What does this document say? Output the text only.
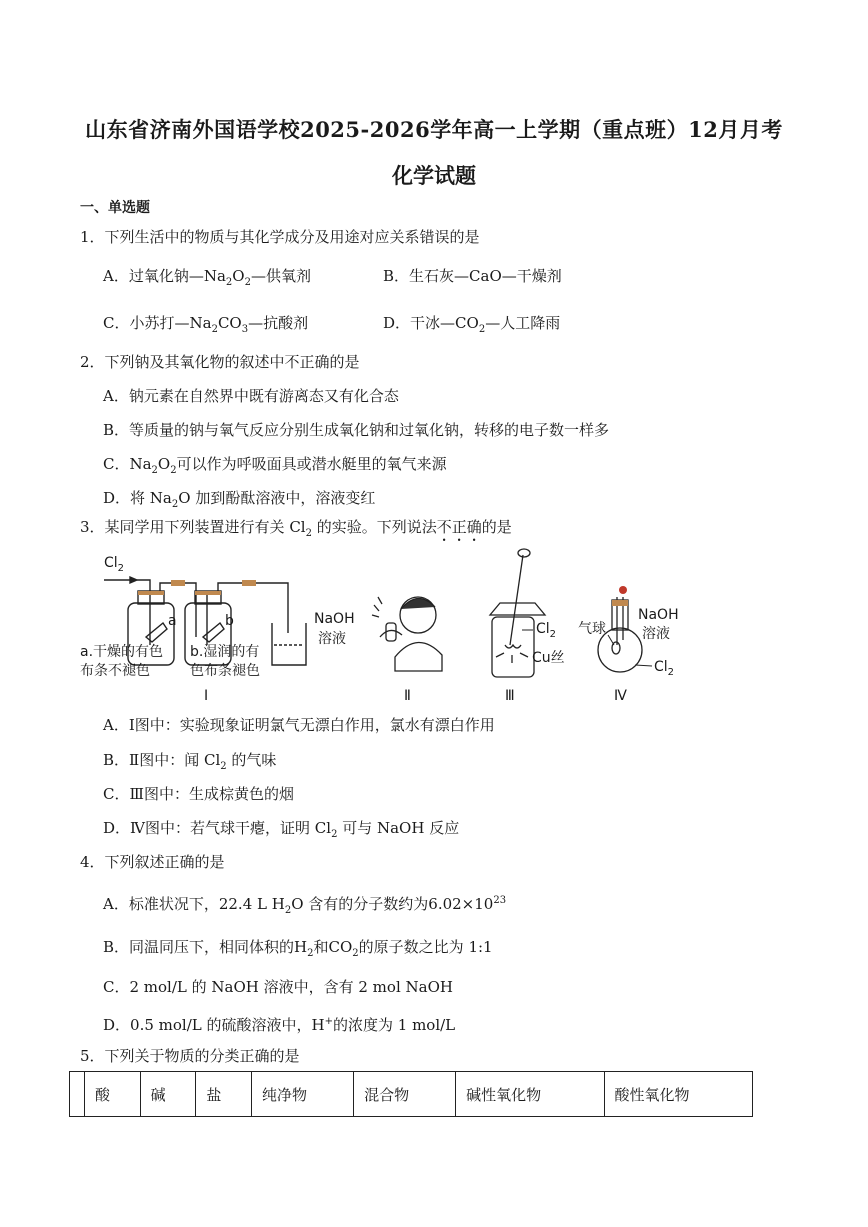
山东省济南外国语学校2025-2026学年高一上学期（重点班）12月月考
化学试题
一、单选题
1．下列生活中的物质与其化学成分及用途对应关系错误的是
A．过氧化钠$—Na_2O_2—$供氧剂	B．生石灰—CaO—干燥剂
C．小苏打$—Na_2CO_3—$抗酸剂	D．干冰$—CO_2—$人工降雨
2．下列钠及其氧化物的叙述中不正确的是
A．钠元素在自然界中既有游离态又有化合态
B．等质量的钠与氧气反应分别生成氧化钠和过氧化钠，转移的电子数一样多
C．$Na_2O_2$可以作为呼吸面具或潜水艇里的氧气来源
D．将 $Na_2O$ 加到酚酞溶液中，溶液变红
3．某同学用下列装置进行有关 $Cl_2$ 的实验。下列说法不正确的是
$Cl_2$
a	b	NaOH
溶液
a.干燥的有色
布条不褪色
b.湿润的有
色布条褪色
Ⅰ	Ⅱ	Ⅲ	Ⅳ
$Cl_2$
Cu丝
气球
NaOH
溶液
$Cl_2$
A．Ⅰ图中：实验现象证明氯气无漂白作用，氯水有漂白作用
B．Ⅱ图中：闻 $Cl_2$ 的气味
C．Ⅲ图中：生成棕黄色的烟
D．Ⅳ图中：若气球干瘪，证明 $Cl_2$ 可与 NaOH 反应
4．下列叙述正确的是
A．标准状况下，22.4 L $H_2O$ 含有的分子数约为$6.02\times 10^{23}$
B．同温同压下，相同体积的$H_2$和$CO_2$的原子数之比为 1:1
C．2 mol/L 的 NaOH 溶液中，含有 2 mol NaOH
D．0.5 mol/L 的硫酸溶液中，H+的浓度为 1 mol/L
5．下列关于物质的分类正确的是
	酸	碱	盐	纯净物	混合物	碱性氧化物	酸性氧化物
